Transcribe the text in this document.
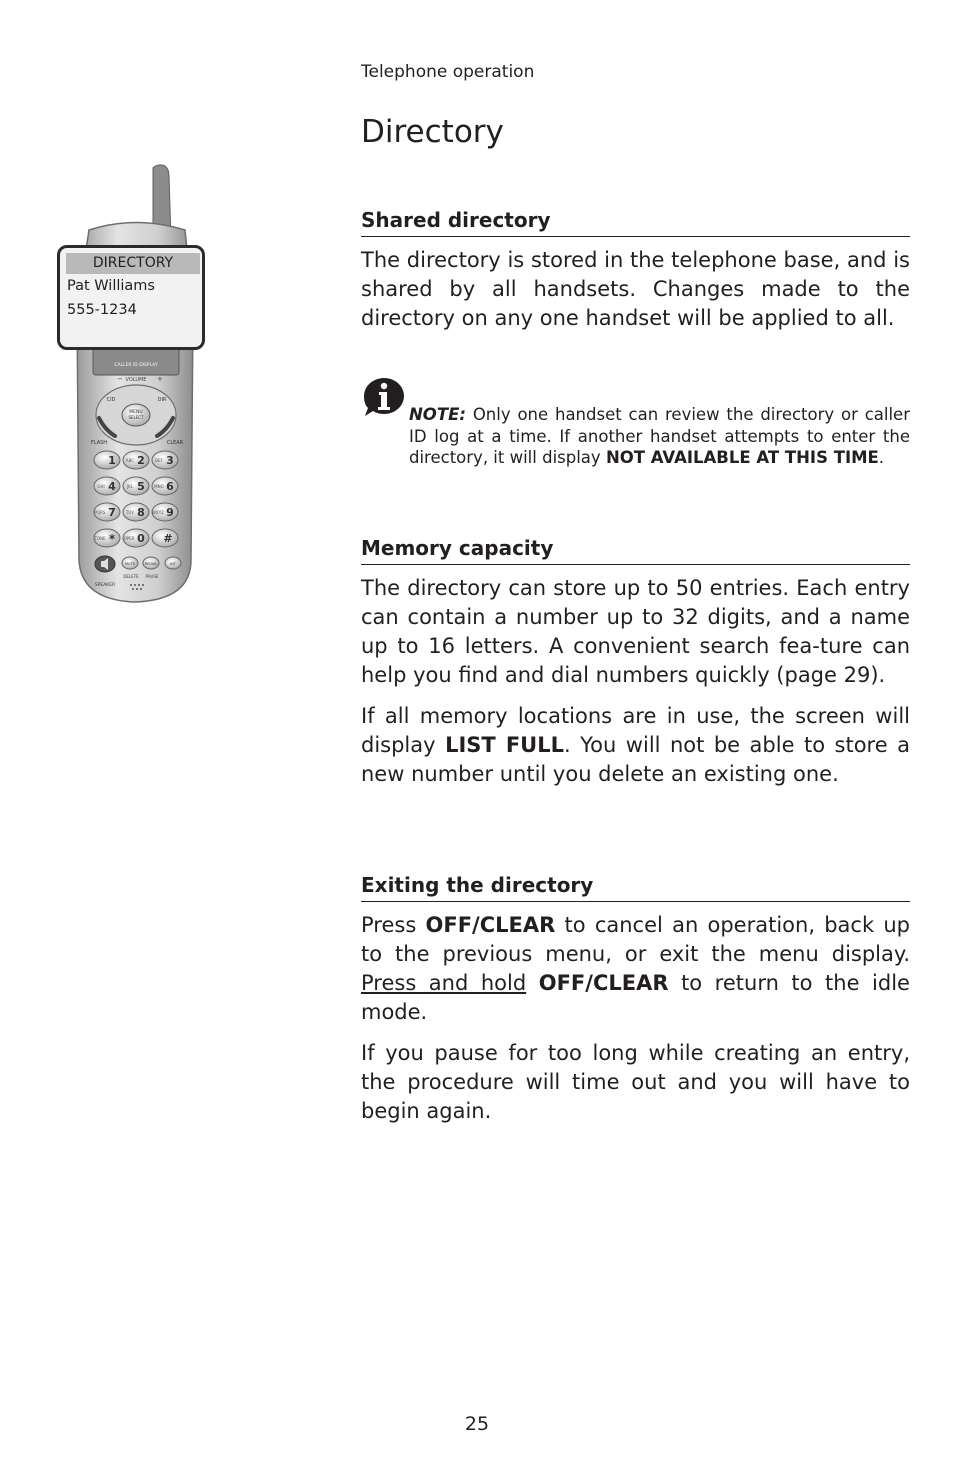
Telephone operation
Directory
CALLER ID DISPLAY
VOLUME
−	+
MENU
SELECT
CID	DIR
FLASH	CLEAR
1	ABC 2	DEF 3
GHI 4	JKL 5 MNO 6
PQRS 7	TUV 8 WXYZ 9
TONE * OPER 0 #
MUTE	REDIAL	INT
DELETE PAUSE
SPEAKER
DIRECTORY
Pat Williams
555-1234
Shared directory

The directory is stored in the telephone base, and is shared by all handsets. Changes made to the directory on any one handset will be applied to all.

NOTE: Only one handset can review the directory or caller ID log at a time. If another handset attempts to enter the directory, it will display NOT AVAILABLE AT THIS TIME.

Memory capacity

The directory can store up to 50 entries. Each entry can contain a number up to 32 digits, and a name up to 16 letters. A convenient search fea-ture can help you find and dial numbers quickly (page 29).

If all memory locations are in use, the screen will display LIST FULL. You will not be able to store a new number until you delete an existing one.

Exiting the directory

Press OFF/CLEAR to cancel an operation, back up to the previous menu, or exit the menu display. Press and hold OFF/CLEAR to return to the idle mode.

If you pause for too long while creating an entry, the procedure will time out and you will have to begin again.

25
